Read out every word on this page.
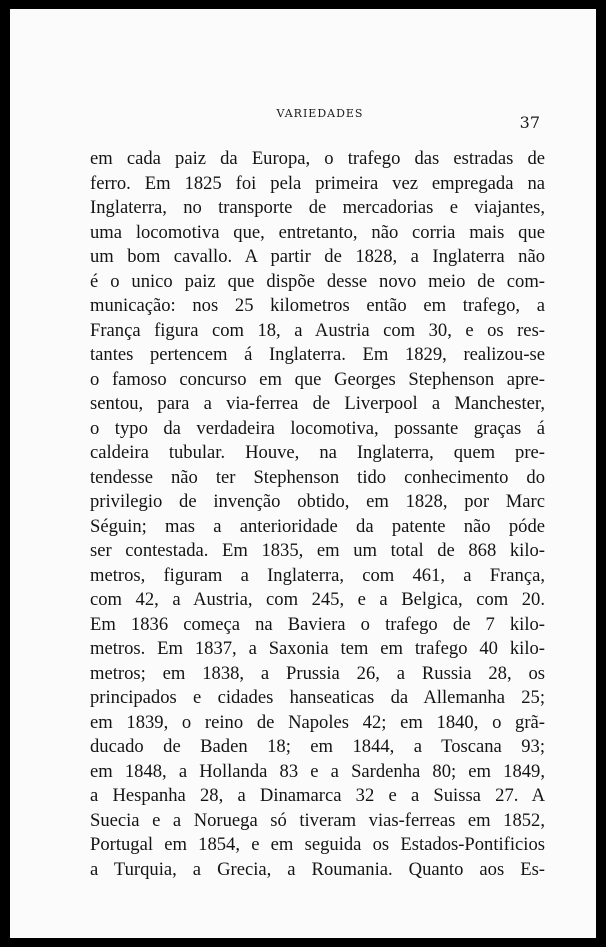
VARIEDADES	37
em cada paiz da Europa, o trafego das estradas de
ferro. Em 1825 foi pela primeira vez empregada na
Inglaterra, no transporte de mercadorias e viajantes,
uma locomotiva que, entretanto, não corria mais que
um bom cavallo. A partir de 1828, a Inglaterra não
é o unico paiz que dispõe desse novo meio de com-
municação: nos 25 kilometros então em trafego, a
França figura com 18, a Austria com 30, e os res-
tantes pertencem á Inglaterra. Em 1829, realizou-se
o famoso concurso em que Georges Stephenson apre-
sentou, para a via-ferrea de Liverpool a Manchester,
o typo da verdadeira locomotiva, possante graças á
caldeira tubular. Houve, na Inglaterra, quem pre-
tendesse não ter Stephenson tido conhecimento do
privilegio de invenção obtido, em 1828, por Marc
Séguin; mas a anterioridade da patente não póde
ser contestada. Em 1835, em um total de 868 kilo-
metros, figuram a Inglaterra, com 461, a França,
com 42, a Austria, com 245, e a Belgica, com 20.
Em 1836 começa na Baviera o trafego de 7 kilo-
metros. Em 1837, a Saxonia tem em trafego 40 kilo-
metros; em 1838, a Prussia 26, a Russia 28, os
principados e cidades hanseaticas da Allemanha 25;
em 1839, o reino de Napoles 42; em 1840, o grã-
ducado de Baden 18; em 1844, a Toscana 93;
em 1848, a Hollanda 83 e a Sardenha 80; em 1849,
a Hespanha 28, a Dinamarca 32 e a Suissa 27. A
Suecia e a Noruega só tiveram vias-ferreas em 1852,
Portugal em 1854, e em seguida os Estados-Pontificios
a Turquia, a Grecia, a Roumania. Quanto aos Es-
